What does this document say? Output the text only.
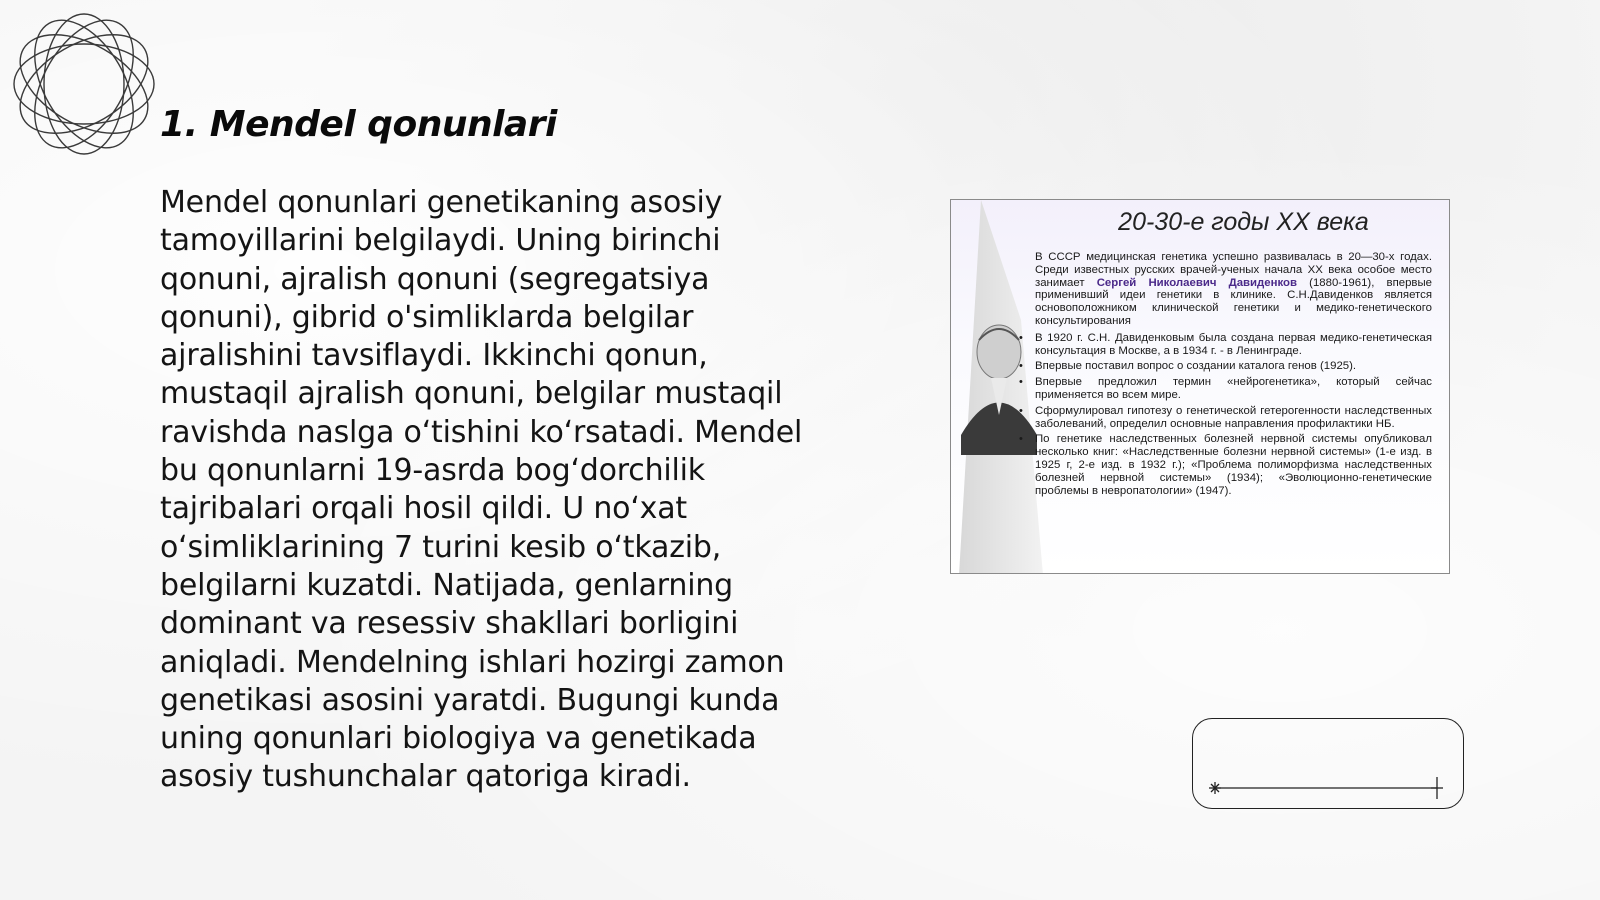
1. Mendel qonunlari

Mendel qonunlari genetikaning asosiy tamoyillarini belgilaydi. Uning birinchi qonuni, ajralish qonuni (segregatsiya qonuni), gibrid o'simliklarda belgilar ajralishini tavsiflaydi. Ikkinchi qonun, mustaqil ajralish qonuni, belgilar mustaqil ravishda naslga o‘tishini ko‘rsatadi. Mendel bu qonunlarni 19-asrda bog‘dorchilik tajribalari orqali hosil qildi. U no‘xat o‘simliklarining 7 turini kesib o‘tkazib, belgilarni kuzatdi. Natijada, genlarning dominant va resessiv shakllari borligini aniqladi. Mendelning ishlari hozirgi zamon genetikasi asosini yaratdi. Bugungi kunda uning qonunlari biologiya va genetikada asosiy tushunchalar qatoriga kiradi.

20-30-е годы XX века

В СССР медицинская генетика успешно развивалась в 20—30-х годах. Среди известных русских врачей-ученых начала XX века особое место занимает Сергей Николаевич Давиденков (1880-1961), впервые применивший идеи генетики в клинике. С.Н.Давиденков является основоположником клинической генетики и медико-генетического консультирования

• В 1920 г. С.Н. Давиденковым была создана первая медико-генетическая консультация в Москве, а в 1934 г. - в Ленинграде.
• Впервые поставил вопрос о создании каталога генов (1925).
• Впервые предложил термин «нейрогенетика», который сейчас применяется во всем мире.
• Сформулировал гипотезу о генетической гетерогенности наследственных заболеваний, определил основные направления профилактики НБ.
• По генетике наследственных болезней нервной системы опубликовал несколько книг: «Наследственные болезни нервной системы» (1-е изд. в 1925 г, 2-е изд. в 1932 г.); «Проблема полиморфизма наследственных болезней нервной системы» (1934); «Эволюционно-генетические проблемы в невропатологии» (1947).
